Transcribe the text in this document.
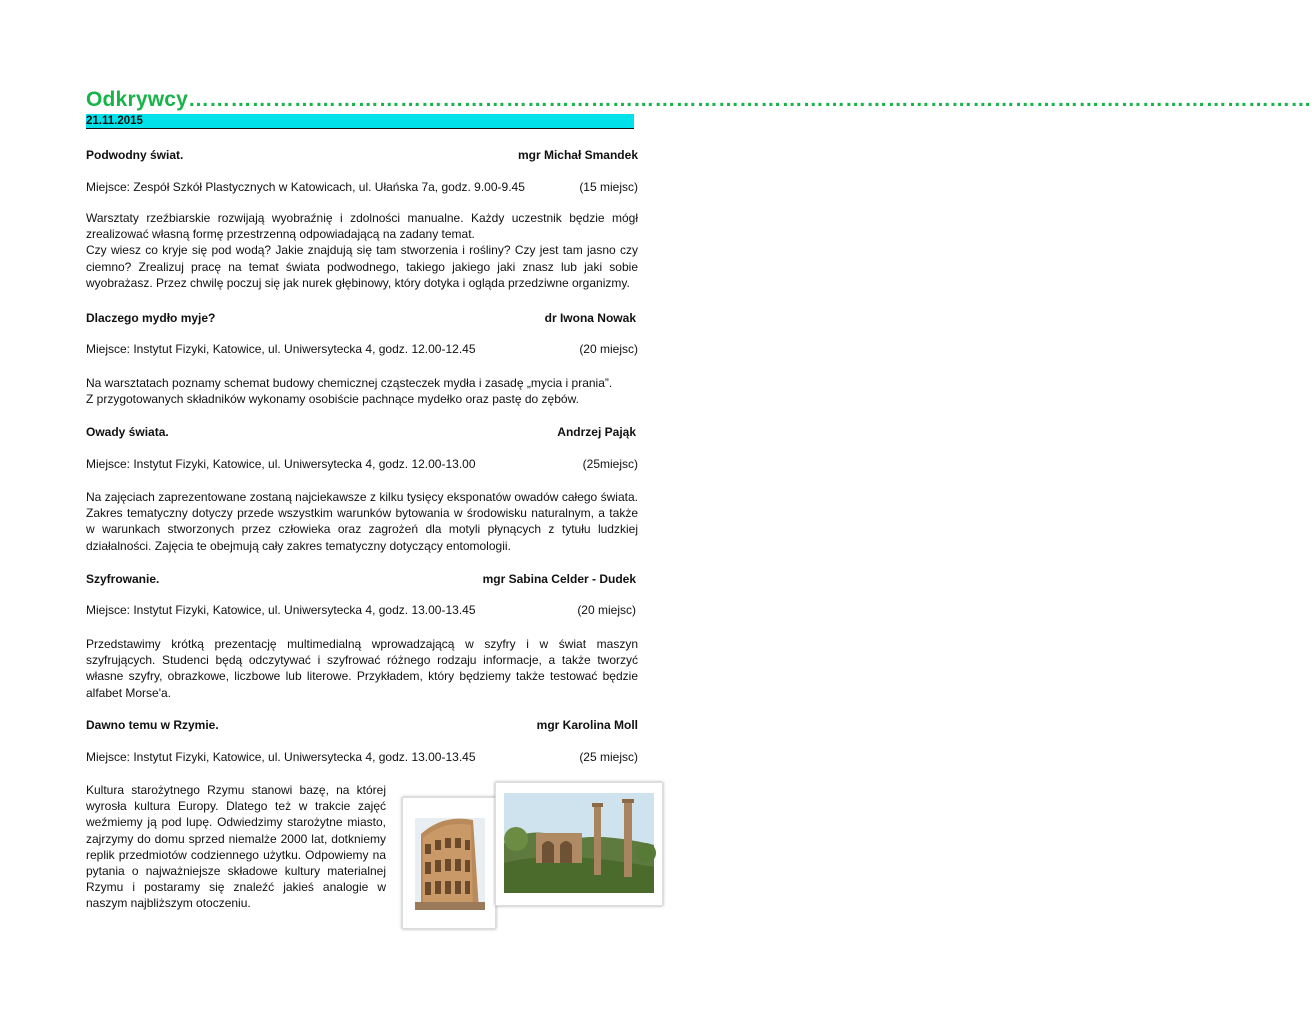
Odkrywcy……………………………………………………………………………………………………………………………………………
21.11.2015
Podwodny świat.	mgr Michał Smandek
Miejsce: Zespół Szkół Plastycznych w Katowicach, ul. Ułańska 7a, godz. 9.00-9.45	(15 miejsc)

Warsztaty rzeźbiarskie rozwijają wyobraźnię i zdolności manualne. Każdy uczestnik będzie mógł zrealizować własną formę przestrzenną odpowiadającą na zadany temat.

Czy wiesz co kryje się pod wodą? Jakie znajdują się tam stworzenia i rośliny? Czy jest tam jasno czy ciemno? Zrealizuj pracę na temat świata podwodnego, takiego jakiego jaki znasz lub jaki sobie wyobrażasz. Przez chwilę poczuj się jak nurek głębinowy, który dotyka i ogląda przedziwne organizmy.

Dlaczego mydło myje?	dr Iwona Nowak
Miejsce: Instytut Fizyki, Katowice, ul. Uniwersytecka 4, godz. 12.00-12.45	(20 miejsc)

Na warsztatach poznamy schemat budowy chemicznej cząsteczek mydła i zasadę „mycia i prania”.

Z przygotowanych składników wykonamy osobiście pachnące mydełko oraz pastę do zębów.

Owady świata.	Andrzej Pająk
Miejsce: Instytut Fizyki, Katowice, ul. Uniwersytecka 4, godz. 12.00-13.00	(25miejsc)

Na zajęciach zaprezentowane zostaną najciekawsze z kilku tysięcy eksponatów owadów całego świata. Zakres tematyczny dotyczy przede wszystkim warunków bytowania w środowisku naturalnym, a także w warunkach stworzonych przez człowieka oraz zagrożeń dla motyli płynących z tytułu ludzkiej działalności. Zajęcia te obejmują cały zakres tematyczny dotyczący entomologii.

Szyfrowanie.	mgr Sabina Celder - Dudek
Miejsce: Instytut Fizyki, Katowice, ul. Uniwersytecka 4, godz. 13.00-13.45	(20 miejsc)

Przedstawimy krótką prezentację multimedialną wprowadzającą w szyfry i w świat maszyn szyfrujących. Studenci będą odczytywać i szyfrować różnego rodzaju informacje, a także tworzyć własne szyfry, obrazkowe, liczbowe lub literowe. Przykładem, który będziemy także testować będzie alfabet Morse'a.

Dawno temu w Rzymie.	mgr Karolina Moll
Miejsce: Instytut Fizyki, Katowice, ul. Uniwersytecka 4, godz. 13.00-13.45	(25 miejsc)

Kultura starożytnego Rzymu stanowi bazę, na której wyrosła kultura Europy. Dlatego też w trakcie zajęć weźmiemy ją pod lupę. Odwiedzimy starożytne miasto, zajrzymy do domu sprzed niemalże 2000 lat, dotkniemy replik przedmiotów codziennego użytku. Odpowiemy na pytania o najważniejsze składowe kultury materialnej Rzymu i postaramy się znaleźć jakieś analogie w naszym najbliższym otoczeniu.
